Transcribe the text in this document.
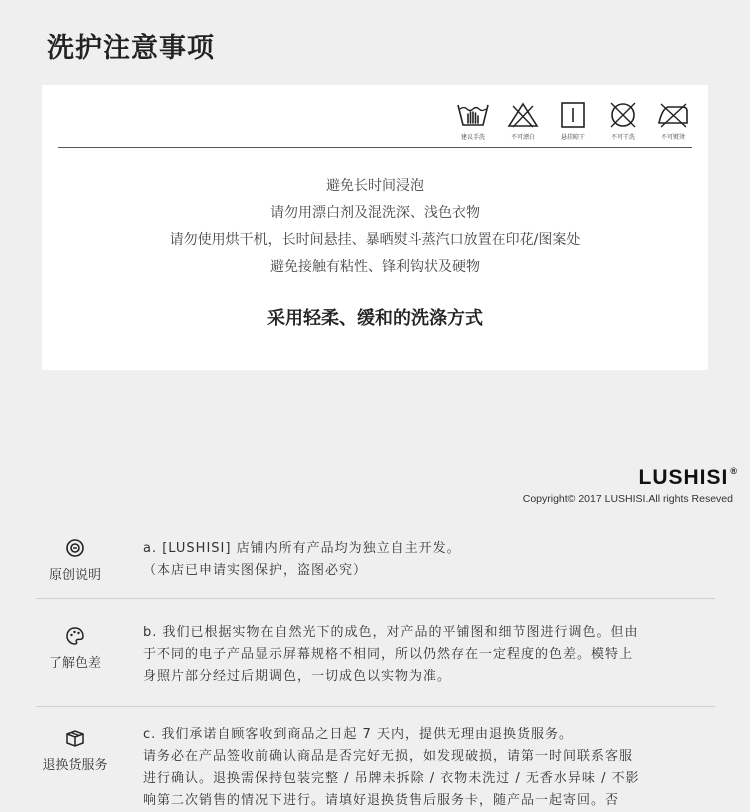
洗护注意事项
建议手洗	不可漂白	悬挂晾干	不可干洗	不可熨烫
避免长时间浸泡
请勿用漂白剂及混洗深、浅色衣物
请勿使用烘干机，长时间悬挂、暴晒熨斗蒸汽口放置在印花/图案处
避免接触有粘性、锋利钩状及硬物
采用轻柔、缓和的洗涤方式
LUSHISI ®
Copyright© 2017 LUSHISI.All rights Reseved
原创说明
a. [LUSHISI] 店铺内所有产品均为独立自主开发。
（本店已申请实图保护，盗图必究）
了解色差
b. 我们已根据实物在自然光下的成色，对产品的平铺图和细节图进行调色。但由
于不同的电子产品显示屏幕规格不相同，所以仍然存在一定程度的色差。模特上
身照片部分经过后期调色，一切成色以实物为准。
退换货服务
c. 我们承诺自顾客收到商品之日起 7 天内，提供无理由退换货服务。
请务必在产品签收前确认商品是否完好无损，如发现破损，请第一时间联系客服
进行确认。退换需保持包装完整 / 吊牌未拆除 / 衣物未洗过 / 无香水异味 / 不影
响第二次销售的情况下进行。请填好退换货售后服务卡，随产品一起寄回。否
